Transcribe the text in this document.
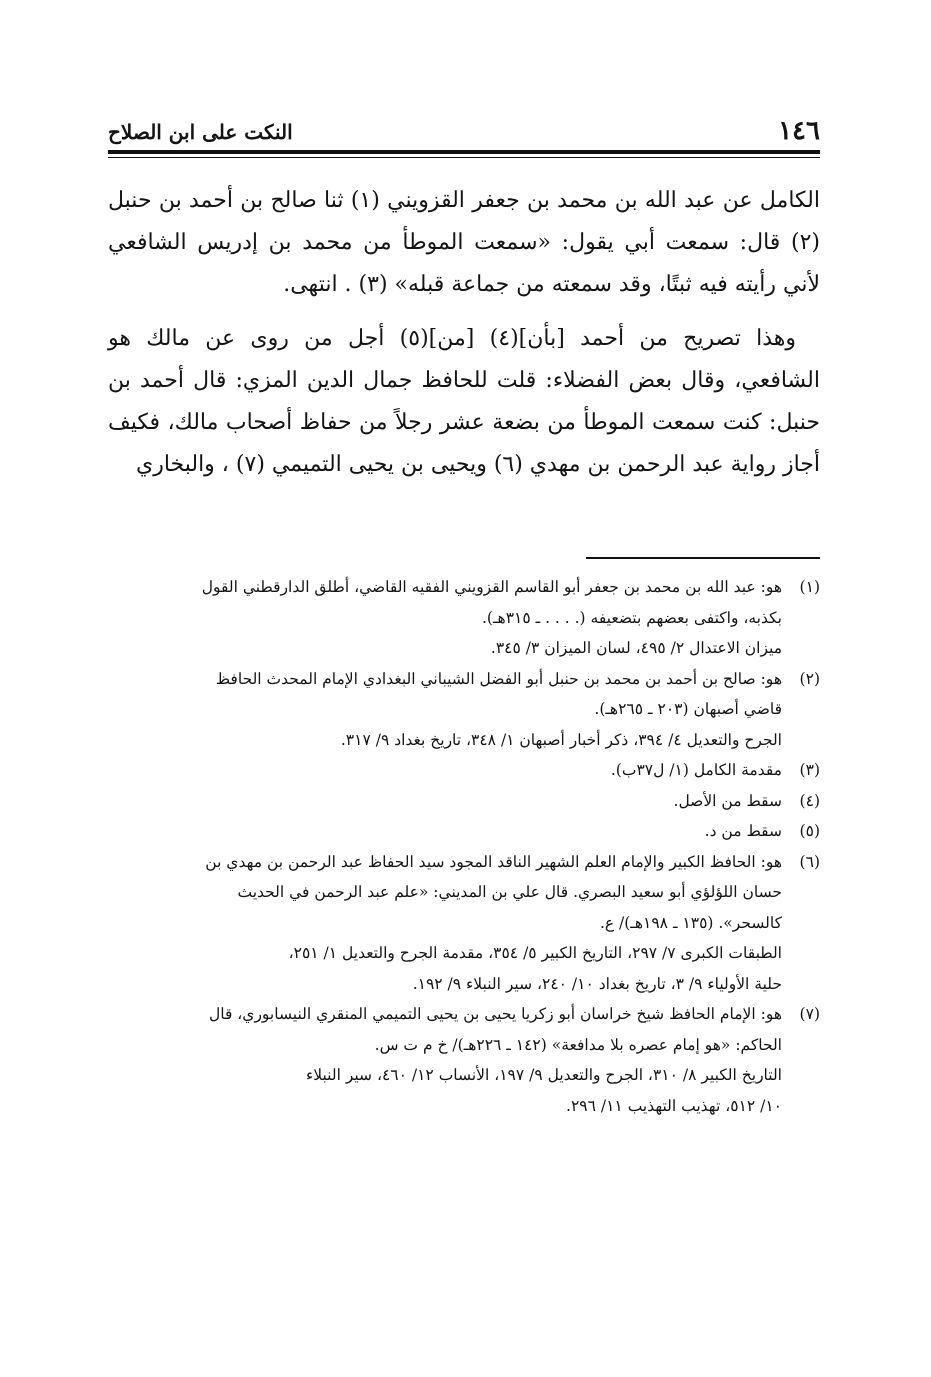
١٤٦
النكت على ابن الصلاح

الكامل عن عبد الله بن محمد بن جعفر القزويني (١) ثنا صالح بن أحمد بن حنبل (٢) قال: سمعت أبي يقول: «سمعت الموطأ من محمد بن إدريس الشافعي لأني رأيته فيه ثبتًا، وقد سمعته من جماعة قبله» (٣) . انتهى.

وهذا تصريح من أحمد [بأن](٤) [من](٥) أجل من روى عن مالك هو الشافعي، وقال بعض الفضلاء: قلت للحافظ جمال الدين المزي: قال أحمد بن حنبل: كنت سمعت الموطأ من بضعة عشر رجلاً من حفاظ أصحاب مالك، فكيف أجاز رواية عبد الرحمن بن مهدي (٦) ويحيى بن يحيى التميمي (٧) ، والبخاري

(١)
هو: عبد الله بن محمد بن جعفر أبو القاسم القزويني الفقيه القاضي، أطلق الدارقطني القول
بكذبه، واكتفى بعضهم بتضعيفه (. . . . ـ ٣١٥هـ).
ميزان الاعتدال ٢/ ٤٩٥، لسان الميزان ٣/ ٣٤٥.
(٢)
هو: صالح بن أحمد بن محمد بن حنبل أبو الفضل الشيباني البغدادي الإمام المحدث الحافظ
قاضي أصبهان (٢٠٣ ـ ٢٦٥هـ).
الجرح والتعديل ٤/ ٣٩٤، ذكر أخبار أصبهان ١/ ٣٤٨، تاريخ بغداد ٩/ ٣١٧.
(٣)
مقدمة الكامل (١/ ل٣٧ب).
(٤)
سقط من الأصل.
(٥)
سقط من د.
(٦)
هو: الحافظ الكبير والإمام العلم الشهير الناقد المجود سيد الحفاظ عبد الرحمن بن مهدي بن
حسان اللؤلؤي أبو سعيد البصري. قال علي بن المديني: «علم عبد الرحمن في الحديث
كالسحر». (١٣٥ ـ ١٩٨هـ)/ ع.
الطبقات الكبرى ٧/ ٢٩٧، التاريخ الكبير ٥/ ٣٥٤، مقدمة الجرح والتعديل ١/ ٢٥١،
حلية الأولياء ٩/ ٣، تاريخ بغداد ١٠/ ٢٤٠، سير النبلاء ٩/ ١٩٢.
(٧)
هو: الإمام الحافظ شيخ خراسان أبو زكريا يحيى بن يحيى التميمي المنقري النيسابوري، قال
الحاكم: «هو إمام عصره بلا مدافعة» (١٤٢ ـ ٢٢٦هـ)/ خ م ت س.
التاريخ الكبير ٨/ ٣١٠، الجرح والتعديل ٩/ ١٩٧، الأنساب ١٢/ ٤٦٠، سير النبلاء
١٠/ ٥١٢، تهذيب التهذيب ١١/ ٢٩٦.
